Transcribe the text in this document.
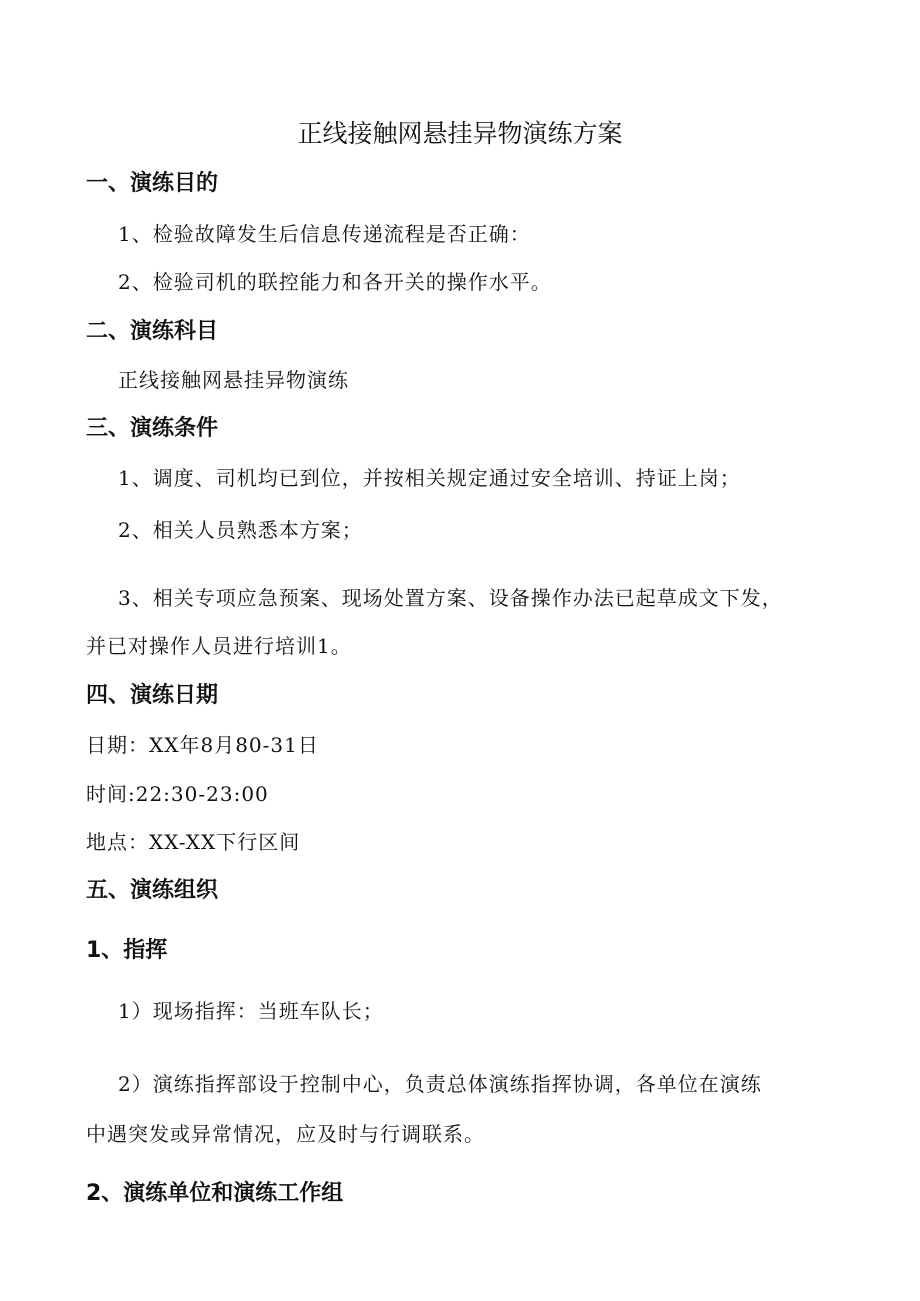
正线接触网悬挂异物演练方案
一、演练目的
1、检验故障发生后信息传递流程是否正确：
2、检验司机的联控能力和各开关的操作水平。
二、演练科目
正线接触网悬挂异物演练
三、演练条件
1、调度、司机均已到位，并按相关规定通过安全培训、持证上岗；
2、相关人员熟悉本方案；
3、相关专项应急预案、现场处置方案、设备操作办法已起草成文下发，
并已对操作人员进行培训1。
四、演练日期
日期：XX年8月80-31日
时间:22:30-23:00
地点：XX-XX下行区间
五、演练组织
1、指挥
1）现场指挥：当班车队长；
2）演练指挥部设于控制中心，负责总体演练指挥协调，各单位在演练
中遇突发或异常情况，应及时与行调联系。
2、演练单位和演练工作组
